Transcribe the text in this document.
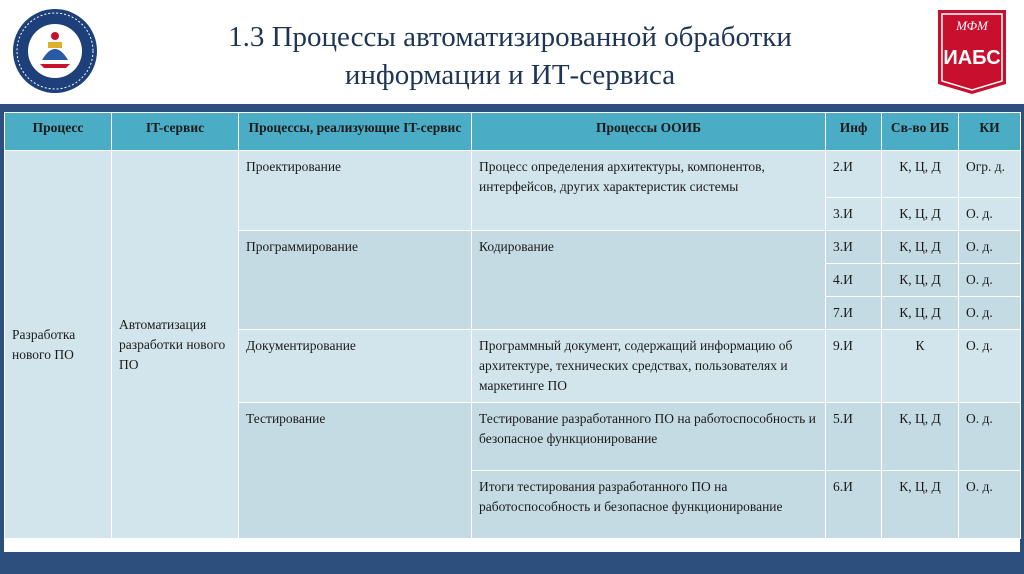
1.3 Процессы автоматизированной обработки
информации и ИТ-сервиса
МФМ
ИАБС
Процесс	IT-сервис	Процессы, реализующие IT-сервис	Процессы ООИБ	Инф	Св-во ИБ	КИ
Разработка нового ПО	Автоматизация разработки нового ПО	Проектирование	Процесс определения архитектуры, компонентов, интерфейсов, других характеристик системы	2.И	К, Ц, Д	Огр. д.
				3.И	К, Ц, Д	О. д.
		Программирование	Кодирование	3.И	К, Ц, Д	О. д.
				4.И	К, Ц, Д	О. д.
				7.И	К, Ц, Д	О. д.
		Документирование	Программный документ, содержащий информацию об архитектуре, технических средствах, пользователях и маркетинге ПО	9.И	К	О. д.
		Тестирование	Тестирование разработанного ПО на работоспособность и безопасное функционирование	5.И	К, Ц, Д	О. д.
			Итоги тестирования разработанного ПО на работоспособность и безопасное функционирование	6.И	К, Ц, Д	О. д.
